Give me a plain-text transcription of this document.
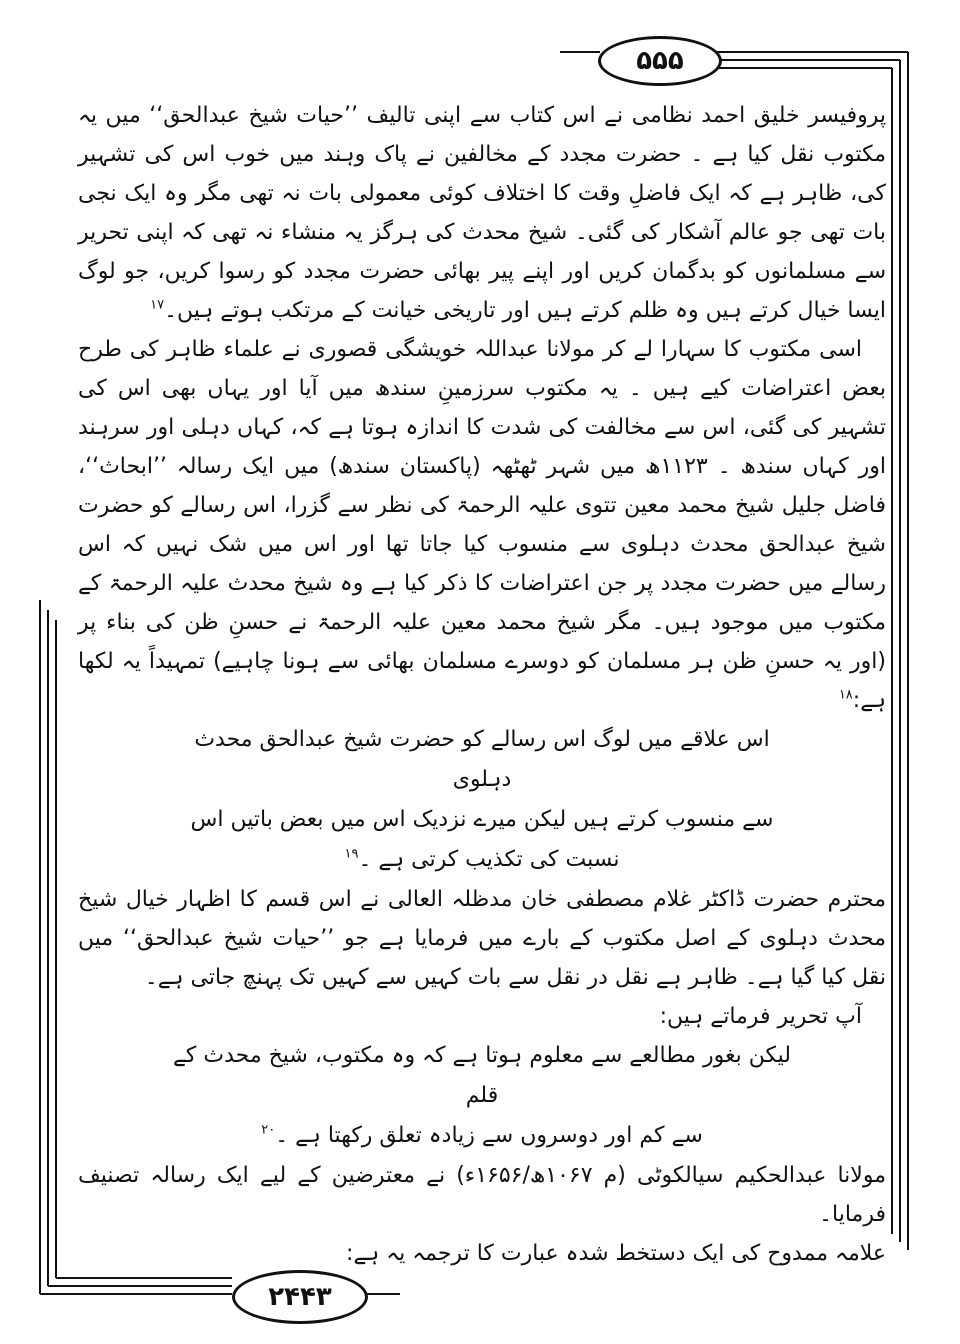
۵۵۵

پروفیسر خلیق احمد نظامی نے اس کتاب سے اپنی تالیف ’’حیات شیخ عبدالحق‘‘ میں یہ مکتوب نقل کیا ہے ۔ حضرت مجدد کے مخالفین نے پاک وہند میں خوب اس کی تشہیر کی، ظاہر ہے کہ ایک فاضلِ وقت کا اختلاف کوئی معمولی بات نہ تھی مگر وہ ایک نجی بات تھی جو عالم آشکار کی گئی۔ شیخ محدث کی ہرگز یہ منشاء نہ تھی کہ اپنی تحریر سے مسلمانوں کو بدگمان کریں اور اپنے پیر بھائی حضرت مجدد کو رسوا کریں، جو لوگ ایسا خیال کرتے ہیں وہ ظلم کرتے ہیں اور تاریخی خیانت کے مرتکب ہوتے ہیں۔$^{۱۷}$

اسی مکتوب کا سہارا لے کر مولانا عبداللہ خویشگی قصوری نے علماء ظاہر کی طرح بعض اعتراضات کیے ہیں ۔ یہ مکتوب سرزمینِ سندھ میں آیا اور یہاں بھی اس کی تشہیر کی گئی، اس سے مخالفت کی شدت کا اندازہ ہوتا ہے کہ، کہاں دہلی اور سرہند اور کہاں سندھ ۔ ۱۱۲۳ھ میں شہر ٹھٹھہ (پاکستان سندھ) میں ایک رسالہ ’’ابحاث‘‘، فاضل جلیل شیخ محمد معین تتوی علیہ الرحمۃ کی نظر سے گزرا، اس رسالے کو حضرت شیخ عبدالحق محدث دہلوی سے منسوب کیا جاتا تھا اور اس میں شک نہیں کہ اس رسالے میں حضرت مجدد پر جن اعتراضات کا ذکر کیا ہے وہ شیخ محدث علیہ الرحمۃ کے مکتوب میں موجود ہیں۔ مگر شیخ محمد معین علیہ الرحمۃ نے حسنِ ظن کی بناء پر (اور یہ حسنِ ظن ہر مسلمان کو دوسرے مسلمان بھائی سے ہونا چاہیے) تمہیداً یہ لکھا ہے:$^{۱۸}$

اس علاقے میں لوگ اس رسالے کو حضرت شیخ عبدالحق محدث دہلوی
سے منسوب کرتے ہیں لیکن میرے نزدیک اس میں بعض باتیں اس
نسبت کی تکذیب کرتی ہے ۔$^{۱۹}$

محترم حضرت ڈاکٹر غلام مصطفی خان مدظلہ العالی نے اس قسم کا اظہار خیال شیخ محدث دہلوی کے اصل مکتوب کے بارے میں فرمایا ہے جو ’’حیات شیخ عبدالحق‘‘ میں نقل کیا گیا ہے۔ ظاہر ہے نقل در نقل سے بات کہیں سے کہیں تک پہنچ جاتی ہے۔

آپ تحریر فرماتے ہیں:

لیکن بغور مطالعے سے معلوم ہوتا ہے کہ وہ مکتوب، شیخ محدث کے قلم
سے کم اور دوسروں سے زیادہ تعلق رکھتا ہے ۔$^{۲۰}$

مولانا عبدالحکیم سیالکوٹی (م ۱۰۶۷ھ/۱۶۵۶ء) نے معترضین کے لیے ایک رسالہ تصنیف فرمایا۔

علامہ ممدوح کی ایک دستخط شدہ عبارت کا ترجمہ یہ ہے:

۲۴۴۳
